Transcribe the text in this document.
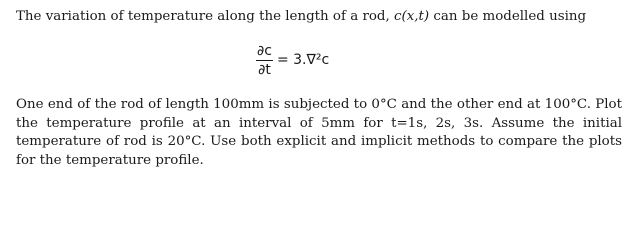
The variation of temperature along the length of a rod, c(x,t) can be modelled using
$\frac{\partial c}{\partial t} = 3.\nabla^2c$

One end of the rod of length 100mm is subjected to 0°C and the other end at 100°C. Plot the temperature profile at an interval of 5mm for t=1s, 2s, 3s. Assume the initial temperature of rod is 20°C. Use both explicit and implicit methods to compare the plots for the temperature profile.
